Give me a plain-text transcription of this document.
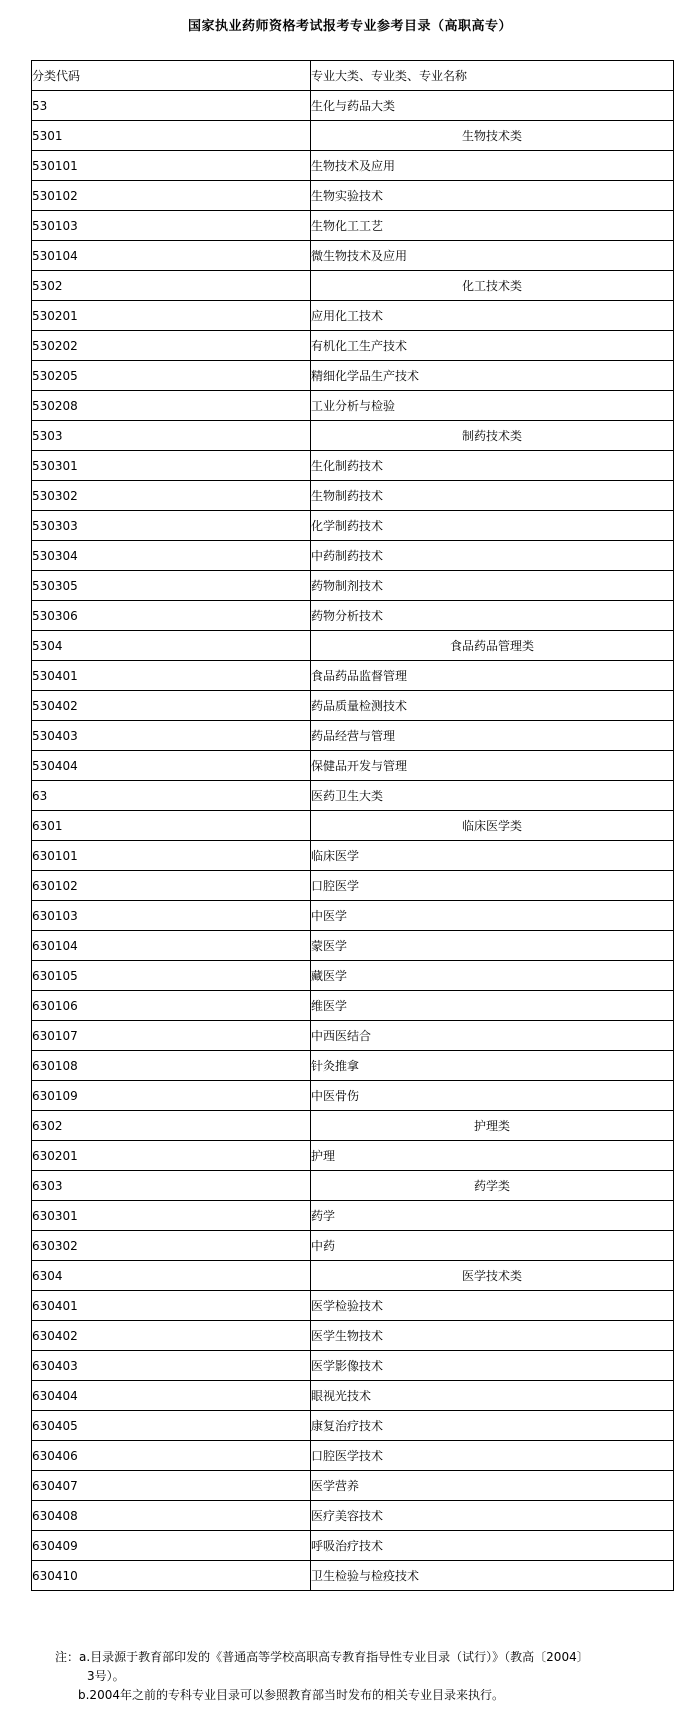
国家执业药师资格考试报考专业参考目录（高职高专）
分类代码	专业大类、专业类、专业名称
53	生化与药品大类
5301	生物技术类
530101	生物技术及应用
530102	生物实验技术
530103	生物化工工艺
530104	微生物技术及应用
5302	化工技术类
530201	应用化工技术
530202	有机化工生产技术
530205	精细化学品生产技术
530208	工业分析与检验
5303	制药技术类
530301	生化制药技术
530302	生物制药技术
530303	化学制药技术
530304	中药制药技术
530305	药物制剂技术
530306	药物分析技术
5304	食品药品管理类
530401	食品药品监督管理
530402	药品质量检测技术
530403	药品经营与管理
530404	保健品开发与管理
63	医药卫生大类
6301	临床医学类
630101	临床医学
630102	口腔医学
630103	中医学
630104	蒙医学
630105	藏医学
630106	维医学
630107	中西医结合
630108	针灸推拿
630109	中医骨伤
6302	护理类
630201	护理
6303	药学类
630301	药学
630302	中药
6304	医学技术类
630401	医学检验技术
630402	医学生物技术
630403	医学影像技术
630404	眼视光技术
630405	康复治疗技术
630406	口腔医学技术
630407	医学营养
630408	医疗美容技术
630409	呼吸治疗技术
630410	卫生检验与检疫技术
注：a.目录源于教育部印发的《普通高等学校高职高专教育指导性专业目录（试行）》（教高〔2004〕
3号）。
b.2004年之前的专科专业目录可以参照教育部当时发布的相关专业目录来执行。
